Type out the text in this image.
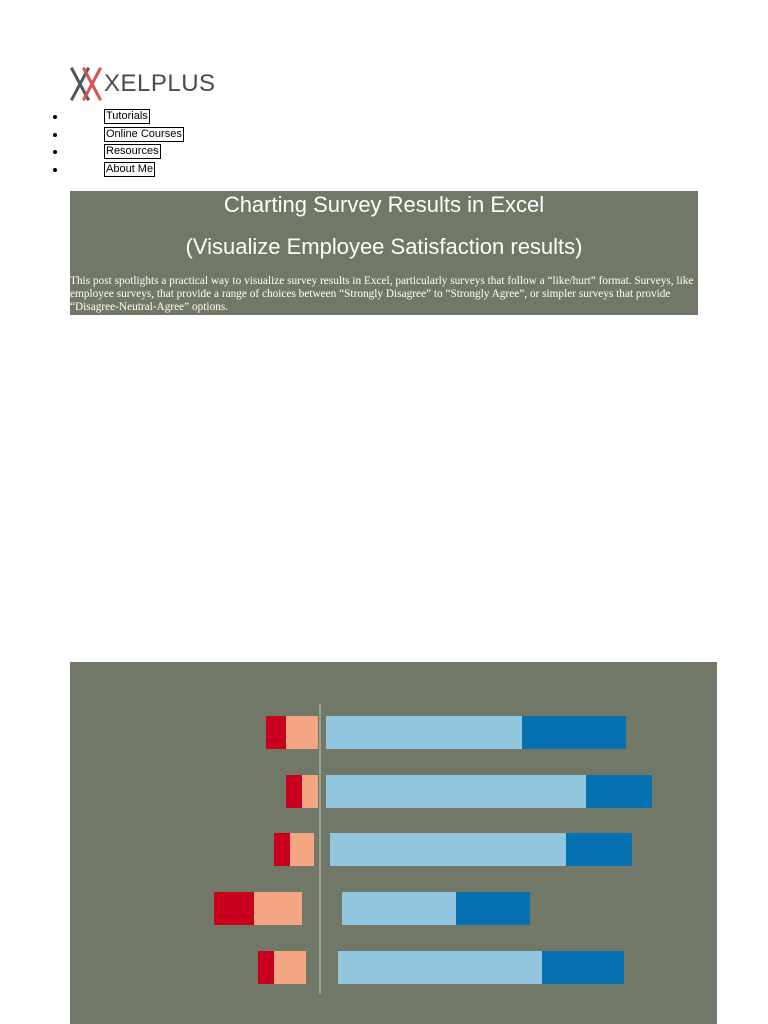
XELPLUS
Tutorials
Online Courses
Resources
About Me
Charting Survey Results in Excel
(Visualize Employee Satisfaction results)

This post spotlights a practical way to visualize survey results in Excel, particularly surveys that follow a “like/hurt” format. Surveys, like employee surveys, that provide a range of choices between “Strongly Disagree” to “Strongly Agree”, or simpler surveys that provide “Disagree-Neutral-Agree” options.
